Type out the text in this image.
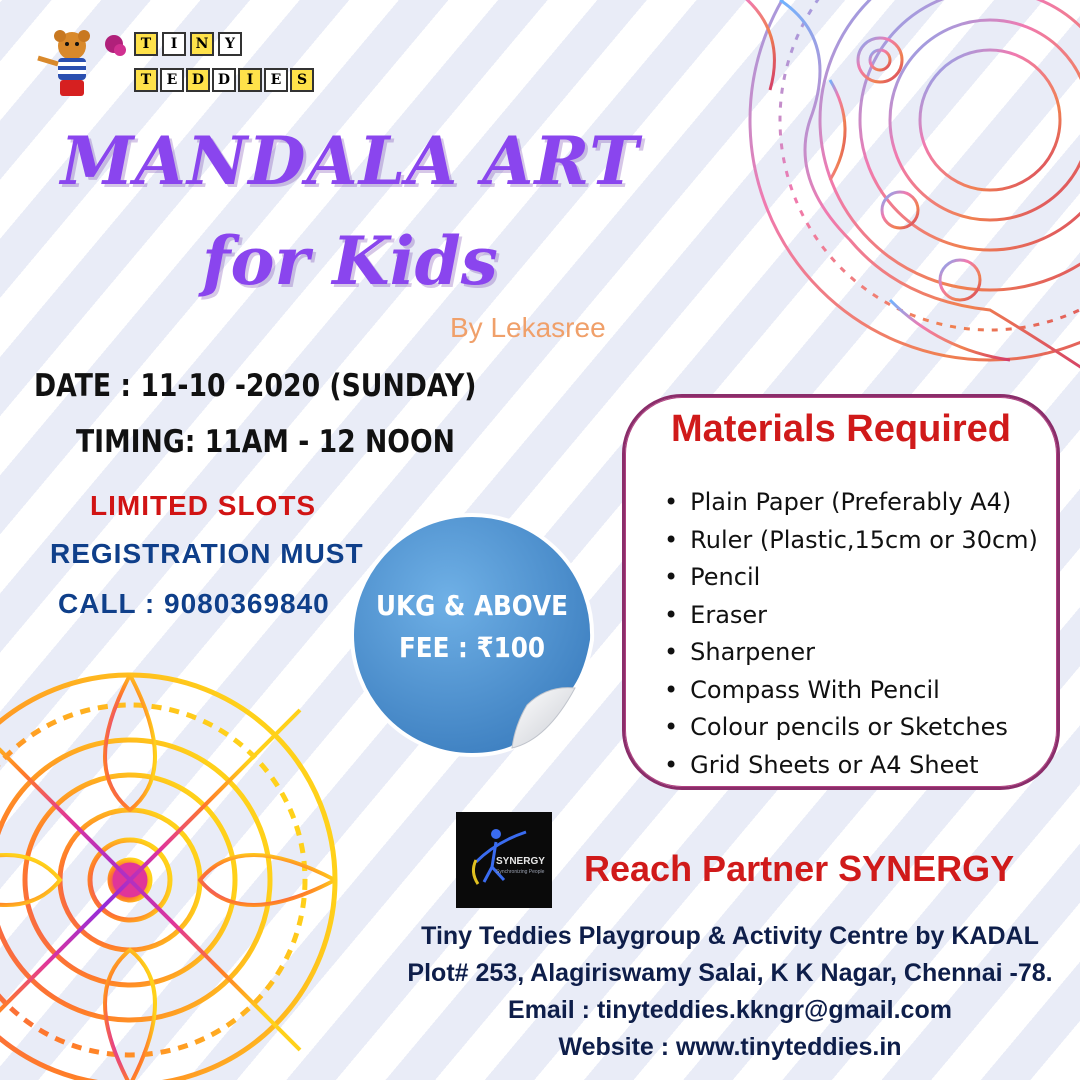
T	I	N	Y
T	E	D D	I	E	S
MANDALA ART
for Kids
By Lekasree
DATE : 11-10 -2020 (SUNDAY)
TIMING: 11AM - 12 NOON
LIMITED SLOTS
REGISTRATION MUST
CALL : 9080369840	UKG & ABOVE
FEE : ₹100
Materials Required
• Plain Paper (Preferably A4)
• Ruler (Plastic,15cm or 30cm)
• Pencil
• Eraser
• Sharpener
• Compass With Pencil
• Colour pencils or Sketches
• Grid Sheets or A4 Sheet
SYNERGY
Synchronizing People Reach Partner SYNERGY
Tiny Teddies Playgroup & Activity Centre by KADAL
Plot# 253, Alagiriswamy Salai, K K Nagar, Chennai -78.
Email : tinyteddies.kkngr@gmail.com
Website : www.tinyteddies.in
